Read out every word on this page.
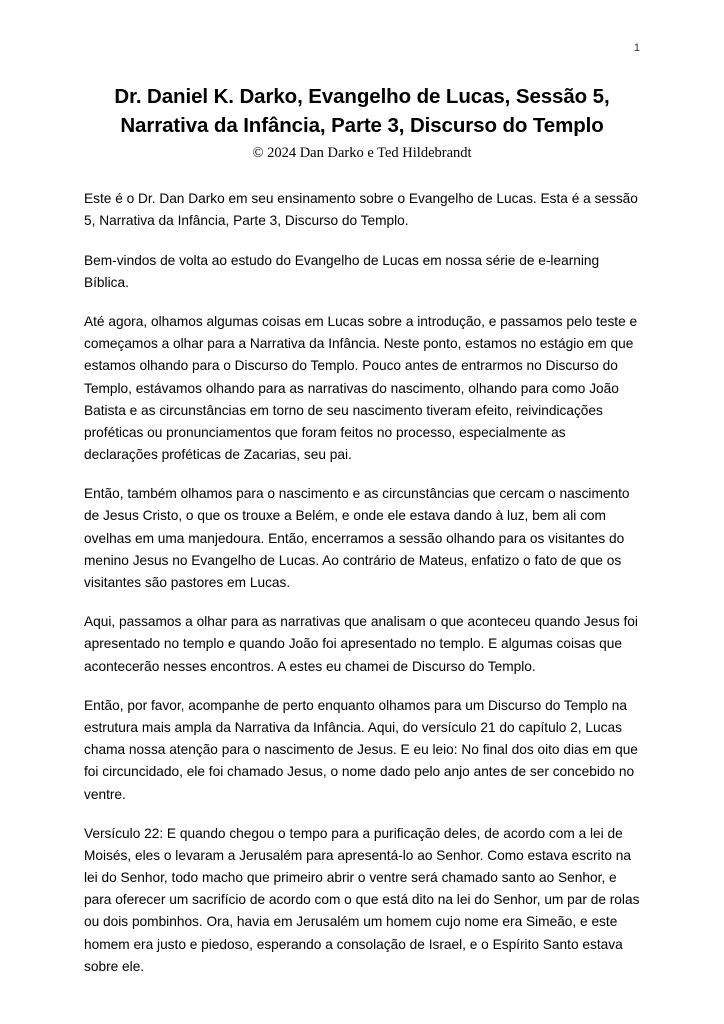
1
Dr. Daniel K. Darko, Evangelho de Lucas, Sessão 5,
Narrativa da Infância, Parte 3, Discurso do Templo
© 2024 Dan Darko e Ted Hildebrandt

Este é o Dr. Dan Darko em seu ensinamento sobre o Evangelho de Lucas. Esta é a sessão 5, Narrativa da Infância, Parte 3, Discurso do Templo.

Bem-vindos de volta ao estudo do Evangelho de Lucas em nossa série de e-learning Bíblica.

Até agora, olhamos algumas coisas em Lucas sobre a introdução, e passamos pelo teste e começamos a olhar para a Narrativa da Infância. Neste ponto, estamos no estágio em que estamos olhando para o Discurso do Templo. Pouco antes de entrarmos no Discurso do Templo, estávamos olhando para as narrativas do nascimento, olhando para como João Batista e as circunstâncias em torno de seu nascimento tiveram efeito, reivindicações proféticas ou pronunciamentos que foram feitos no processo, especialmente as declarações proféticas de Zacarias, seu pai.

Então, também olhamos para o nascimento e as circunstâncias que cercam o nascimento de Jesus Cristo, o que os trouxe a Belém, e onde ele estava dando à luz, bem ali com ovelhas em uma manjedoura. Então, encerramos a sessão olhando para os visitantes do menino Jesus no Evangelho de Lucas. Ao contrário de Mateus, enfatizo o fato de que os visitantes são pastores em Lucas.

Aqui, passamos a olhar para as narrativas que analisam o que aconteceu quando Jesus foi apresentado no templo e quando João foi apresentado no templo. E algumas coisas que acontecerão nesses encontros. A estes eu chamei de Discurso do Templo.

Então, por favor, acompanhe de perto enquanto olhamos para um Discurso do Templo na estrutura mais ampla da Narrativa da Infância. Aqui, do versículo 21 do capítulo 2, Lucas chama nossa atenção para o nascimento de Jesus. E eu leio: No final dos oito dias em que foi circuncidado, ele foi chamado Jesus, o nome dado pelo anjo antes de ser concebido no ventre.

Versículo 22: E quando chegou o tempo para a purificação deles, de acordo com a lei de Moisés, eles o levaram a Jerusalém para apresentá-lo ao Senhor. Como estava escrito na lei do Senhor, todo macho que primeiro abrir o ventre será chamado santo ao Senhor, e para oferecer um sacrifício de acordo com o que está dito na lei do Senhor, um par de rolas ou dois pombinhos. Ora, havia em Jerusalém um homem cujo nome era Simeão, e este homem era justo e piedoso, esperando a consolação de Israel, e o Espírito Santo estava sobre ele.
